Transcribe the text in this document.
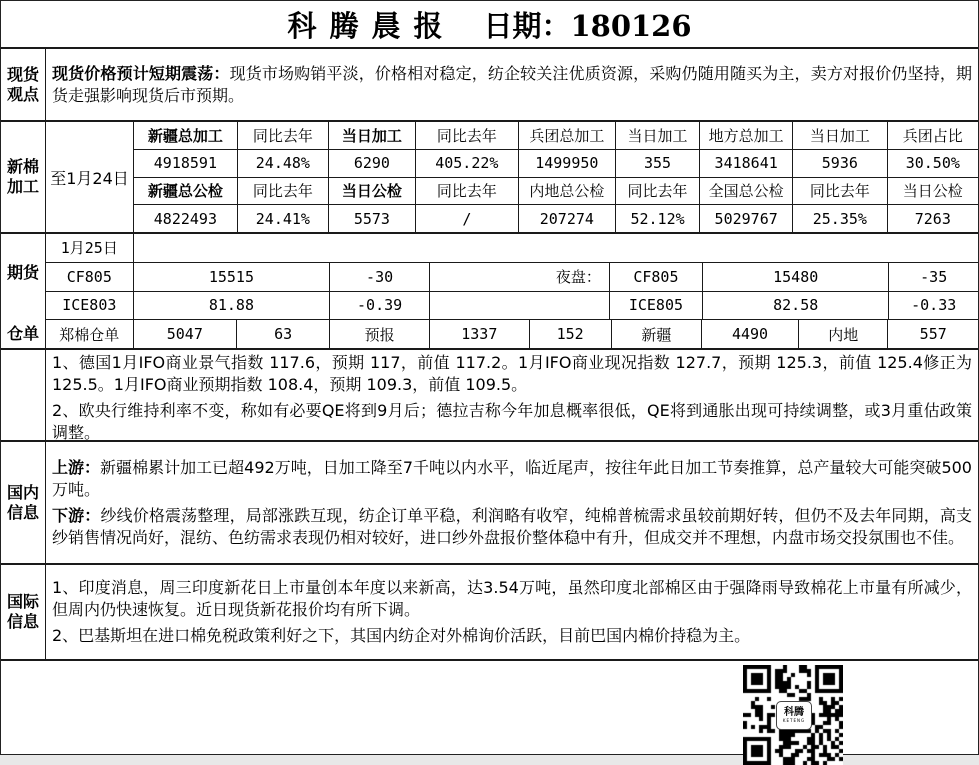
科腾晨报 日期：180126
现货观点
现货价格预计短期震荡：现货市场购销平淡，价格相对稳定，纺企较关注优质资源，采购仍随用随买为主，卖方对报价仍坚持，期货走强影响现货后市预期。
新棉加工 至1月24日
新疆总加工	同比去年	当日加工	同比去年	兵团总加工	当日加工	地方总加工	当日加工	兵团占比
4918591	24.48%	6290	405.22%	1499950	355	3418641	5936	30.50%
新疆总公检	同比去年	当日公检	同比去年	内地总公检	同比去年	全国总公检	同比去年	当日公检
4822493	24.41%	5573	/	207274	52.12%	5029767	25.35%	7263
期货
仓单
1月25日
CF805	15515	-30	夜盘：	CF805	15480	-35
ICE803	81.88	-0.39	ICE805	82.58	-0.33
郑棉仓单	5047	63	预报	1337	152	新疆	4490	内地	557
1、德国1月IFO商业景气指数 117.6，预期 117，前值 117.2。1月IFO商业现况指数 127.7，预期 125.3，前值 125.4修正为125.5。1月IFO商业预期指数 108.4，预期 109.3，前值 109.5。
2、欧央行维持利率不变，称如有必要QE将到9月后；德拉吉称今年加息概率很低，QE将到通胀出现可持续调整，或3月重估政策调整。
国内信息
上游：新疆棉累计加工已超492万吨，日加工降至7千吨以内水平，临近尾声，按往年此日加工节奏推算，总产量较大可能突破500万吨。
下游：纱线价格震荡整理，局部涨跌互现，纺企订单平稳，利润略有收窄，纯棉普梳需求虽较前期好转，但仍不及去年同期，高支纱销售情况尚好，混纺、色纺需求表现仍相对较好，进口纱外盘报价整体稳中有升，但成交并不理想，内盘市场交投氛围也不佳。
国际信息
1、印度消息，周三印度新花日上市量创本年度以来新高，达3.54万吨，虽然印度北部棉区由于强降雨导致棉花上市量有所减少，但周内仍快速恢复。近日现货新花报价均有所下调。
2、巴基斯坦在进口棉免税政策利好之下，其国内纺企对外棉询价活跃，目前巴国内棉价持稳为主。
科腾
KETENG
